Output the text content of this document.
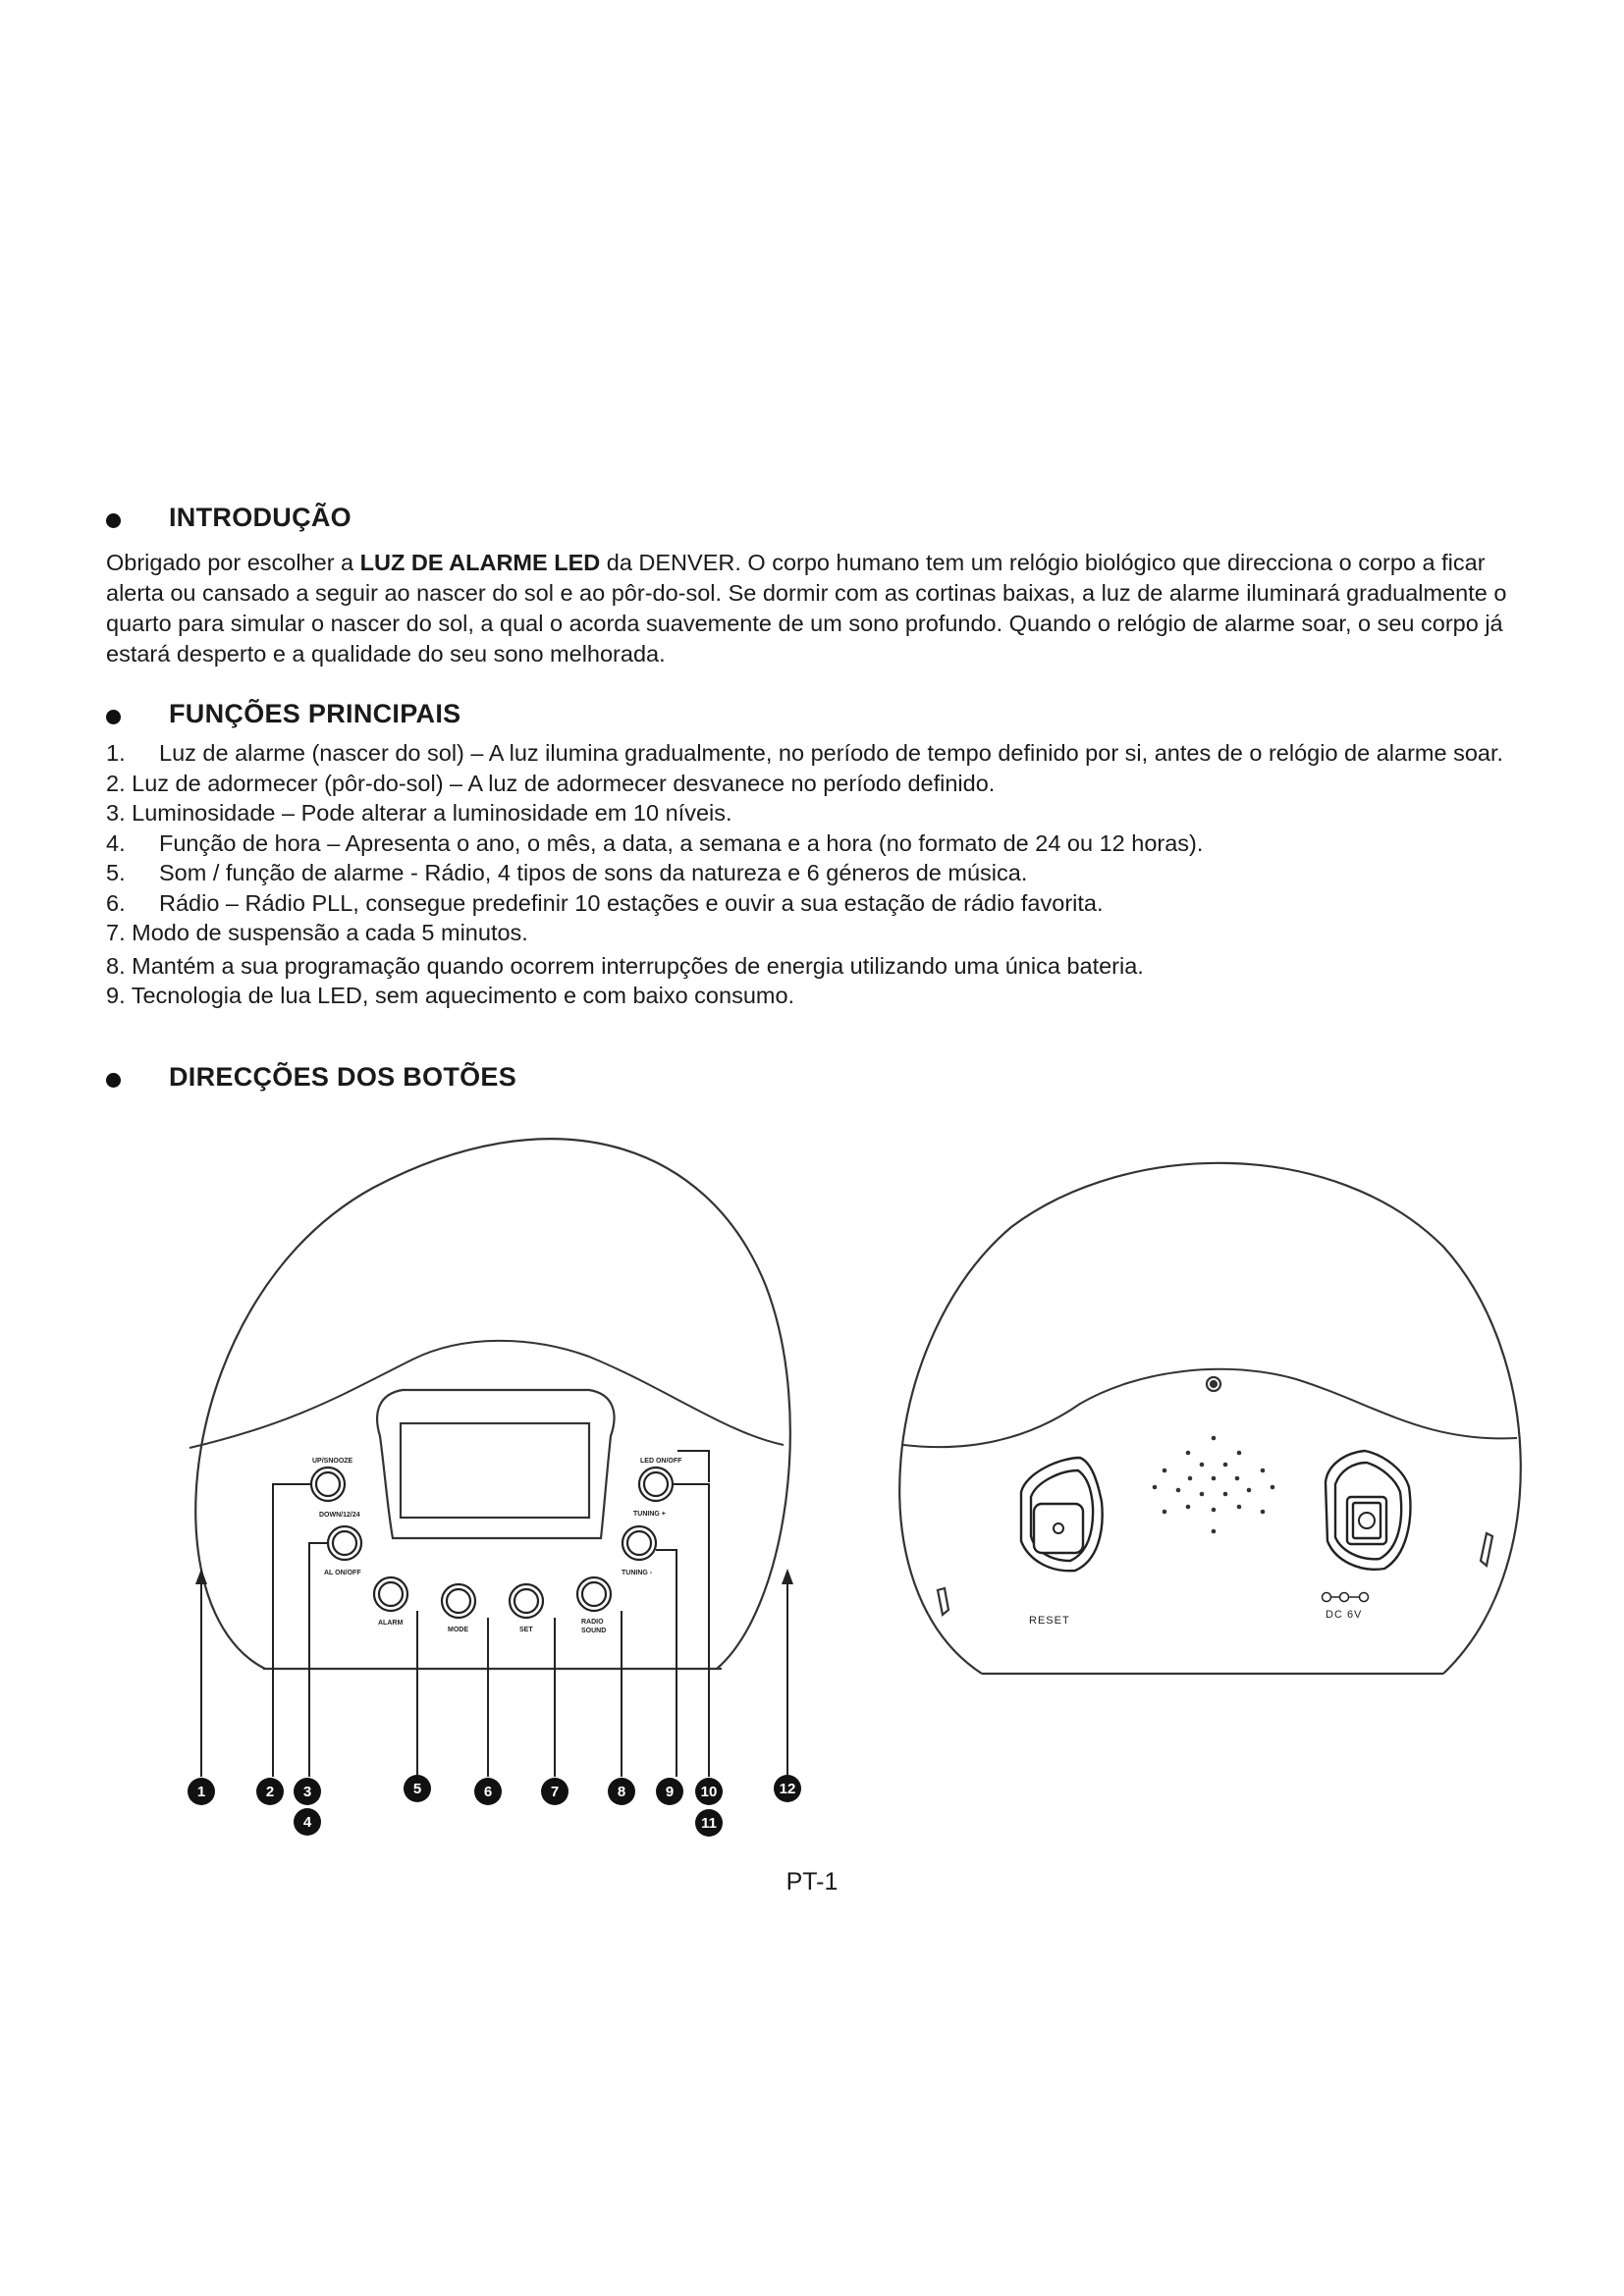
INTRODUÇÃO

Obrigado por escolher a LUZ DE ALARME LED da DENVER. O corpo humano tem um relógio biológico que direcciona o corpo a ficar alerta ou cansado a seguir ao nascer do sol e ao pôr-do-sol. Se dormir com as cortinas baixas, a luz de alarme iluminará gradualmente o quarto para simular o nascer do sol, a qual o acorda suavemente de um sono profundo. Quando o relógio de alarme soar, o seu corpo já estará desperto e a qualidade do seu sono melhorada.

FUNÇÕES PRINCIPAIS
1. Luz de alarme (nascer do sol) – A luz ilumina gradualmente, no período de tempo definido por si, antes de o relógio de alarme soar.
2. Luz de adormecer (pôr-do-sol) – A luz de adormecer desvanece no período definido.
3. Luminosidade – Pode alterar a luminosidade em 10 níveis.
4. Função de hora – Apresenta o ano, o mês, a data, a semana e a hora (no formato de 24 ou 12 horas).
5. Som / função de alarme - Rádio, 4 tipos de sons da natureza e 6 géneros de música.
6. Rádio – Rádio PLL, consegue predefinir 10 estações e ouvir a sua estação de rádio favorita.
7. Modo de suspensão a cada 5 minutos.
8. Mantém a sua programação quando ocorrem interrupções de energia utilizando uma única bateria.
9. Tecnologia de lua LED, sem aquecimento e com baixo consumo.
DIRECÇÕES DOS BOTÕES
UP/SNOOZE
DOWN/12/24
AL ON/OFF
ALARM
MODE	SET
RADIO
SOUND
LED ON/OFF
TUNING +
TUNING -
1	2 3
4
5	6	7	8	9 10
11
12
RESET	DC 6V
PT-1
